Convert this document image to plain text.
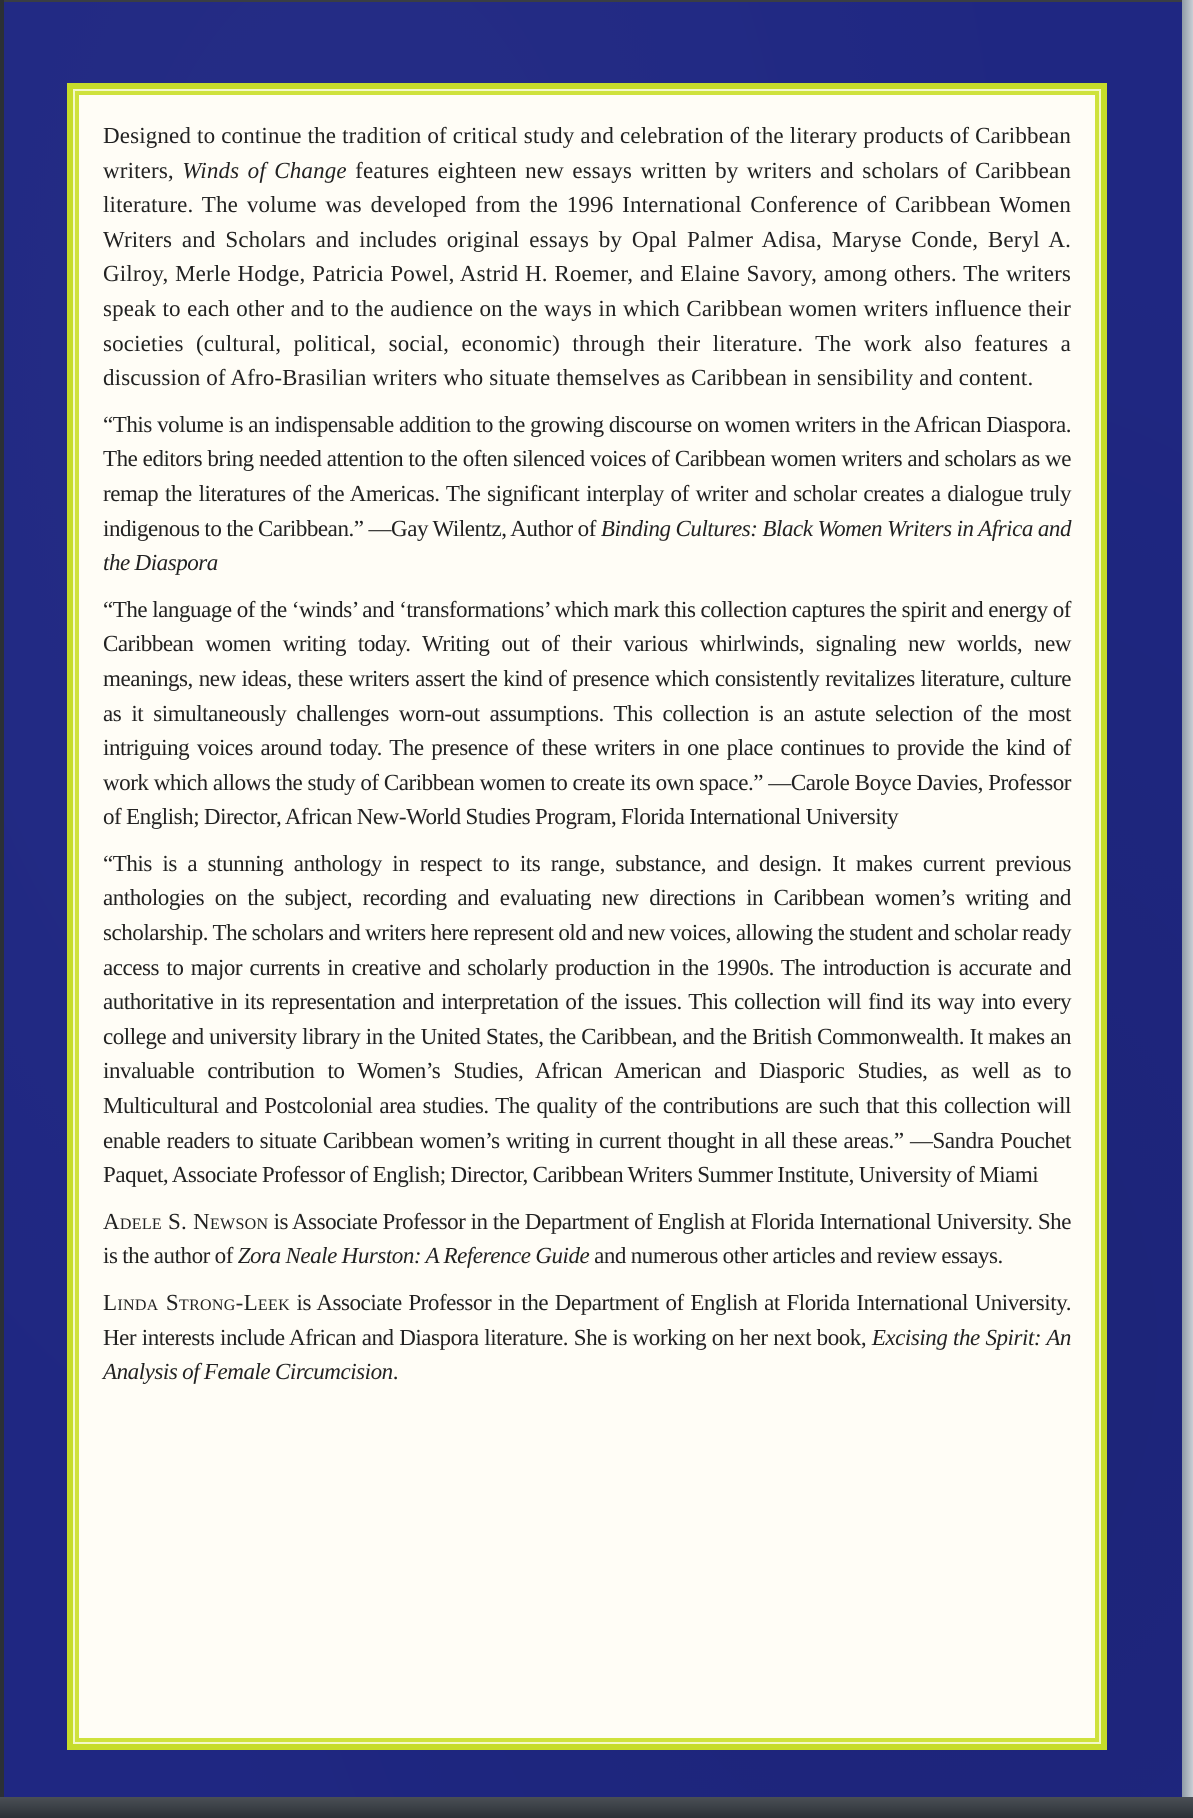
Designed to continue the tradition of critical study and celebration of the literary products of Caribbean writers, Winds of Change features eighteen new essays written by writers and scholars of Caribbean literature. The volume was developed from the 1996 International Conference of Caribbean Women Writers and Scholars and includes original essays by Opal Palmer Adisa, Maryse Conde, Beryl A. Gilroy, Merle Hodge, Patricia Powel, Astrid H. Roemer, and Elaine Savory, among others. The writers speak to each other and to the audience on the ways in which Caribbean women writers influence their societies (cultural, political, social, economic) through their literature. The work also features a discussion of Afro-Brasilian writers who situate themselves as Caribbean in sensibility and content.

“This volume is an indispensable addition to the growing discourse on women writers in the African Diaspora. The editors bring needed attention to the often silenced voices of Caribbean women writers and scholars as we remap the literatures of the Americas. The significant interplay of writer and scholar creates a dialogue truly indigenous to the Caribbean.” —Gay Wilentz, Author of Binding Cultures: Black Women Writers in Africa and the Diaspora

“The language of the ‘winds’ and ‘transformations’ which mark this collection captures the spirit and energy of Caribbean women writing today. Writing out of their various whirlwinds, signaling new worlds, new meanings, new ideas, these writers assert the kind of presence which consistently revitalizes literature, culture as it simultaneously challenges worn-out assumptions. This collection is an astute selection of the most intriguing voices around today. The presence of these writers in one place continues to provide the kind of work which allows the study of Caribbean women to create its own space.” —Carole Boyce Davies, Professor of English; Director, African New-World Studies Program, Florida International University

“This is a stunning anthology in respect to its range, substance, and design. It makes current previous anthologies on the subject, recording and evaluating new directions in Caribbean women’s writing and scholarship. The scholars and writers here represent old and new voices, allowing the student and scholar ready access to major currents in creative and scholarly production in the 1990s. The introduction is accurate and authoritative in its representation and interpretation of the issues. This collection will find its way into every college and university library in the United States, the Caribbean, and the British Commonwealth. It makes an invaluable contribution to Women’s Studies, African American and Diasporic Studies, as well as to Multicultural and Postcolonial area studies. The quality of the contributions are such that this collection will enable readers to situate Caribbean women’s writing in current thought in all these areas.” —Sandra Pouchet Paquet, Associate Professor of English; Director, Caribbean Writers Summer Institute, University of Miami

Adele S. Newson is Associate Professor in the Department of English at Florida International University. She is the author of Zora Neale Hurston: A Reference Guide and numerous other articles and review essays.

Linda Strong-Leek is Associate Professor in the Department of English at Florida International University. Her interests include African and Diaspora literature. She is working on her next book, Excising the Spirit: An Analysis of Female Circumcision.
